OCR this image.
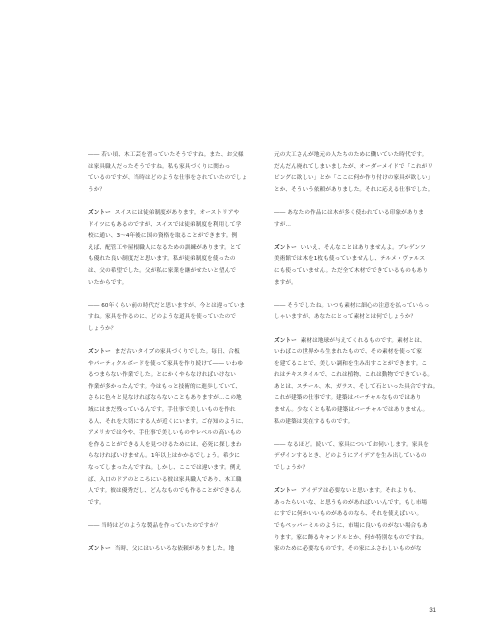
―― 若い頃、木工芸を習っていたそうですね。また、お父様
は家具職人だったそうですね。私も家具づくりに関わっ
ているのですが、当時はどのような仕事をされていたのでしょ
うか？

ズントー スイスには徒弟制度があります。オーストリアや
ドイツにもあるのですが、スイスでは徒弟制度を利用して学
校に通い、3～4年後に国の資格を取ることができます。例
えば、配管工や屋根職人になるための訓練があります。とて
も優れた良い制度だと思います。私が徒弟制度を使ったの
は、父の希望でした。父が私に家業を継がせたいと望んで
いたからです。

―― 60年くらい前の時代だと思いますが、今とは違っていま
すね。家具を作るのに、どのような道具を使っていたので
しょうか？

ズントー まだ古いタイプの家具づくりでした。毎日、合板
やパーティクルボードを使って家具を作り続けて―― いわゆ
るつまらない作業でした。とにかくやらなければいけない
作業が多かったんです。今はもっと技術的に進歩していて、
さらに色々と見なければならないこともありますが…この地
域にはまだ残っているんです。手仕事で美しいものを作れ
る人、それを大切にする人が近くにいます。ご存知のように、
アメリカでは今や、手仕事で美しいものやレベルの高いもの
を作ることができる人を見つけるためには、必死に探しまわ
らなければいけません。1年以上はかかるでしょう。希少に
なってしまったんですね。しかし、ここでは違います。例え
ば、入口のドアのところにいる彼は家具職人であり、木工職
人です。彼は優秀だし、どんなものでも作ることができるん
です。

―― 当時はどのような製品を作っていたのですか？

ズントー 当時、父にはいろいろな依頼がありました。地

元の大工さんが地元の人たちのために働いていた時代です。
だんだん廃れてしまいましたが、オーダーメイドで「これがリ
ビングに欲しい」とか「ここに何か作り付けの家具が欲しい」
とか、そういう依頼がありました。それに応える仕事でした。

―― あなたの作品には木が多く使われている印象がありま
すが…

ズントー いいえ、そんなことはありませんよ。ブレゲンツ
美術館では木を1枚も使っていませんし、テルメ・ヴァルス
にも使っていません。ただ全て木材でできているものもあり
ますが。

―― そうでしたね。いつも素材に細心の注意を払っていらっ
しゃいますが、あなたにとって素材とは何でしょうか？

ズントー 素材は地球が与えてくれるものです。素材とは、
いわばこの世界から生まれたもので、その素材を使って家
を建てることで、美しい調和を生み出すことができます。こ
れはテキスタイルで、これは植物、これは動物でできている。
あとは、スチール、木、ガラス、そして石といった具合ですね。
これが建築の仕事です。建築はバーチャルなものではあり
ません。少なくとも私の建築はバーチャルではありません。
私の建築は実在するものです。

―― なるほど。続いて、家具についてお伺いします。家具を
デザインするとき、どのようにアイデアを生み出しているの
でしょうか？

ズントー アイデアは必要ないと思います。それよりも、
あったらいいな、と思うものがあればいいんです。もし市場
にすでに何かいいものがあるのなら、それを使えばいい。
でもペッパーミルのように、市場に良いものがない場合もあ
ります。家に飾るキャンドルとか、何か特別なものですね。
家のために必要なものです。その家にふさわしいものがな

31
